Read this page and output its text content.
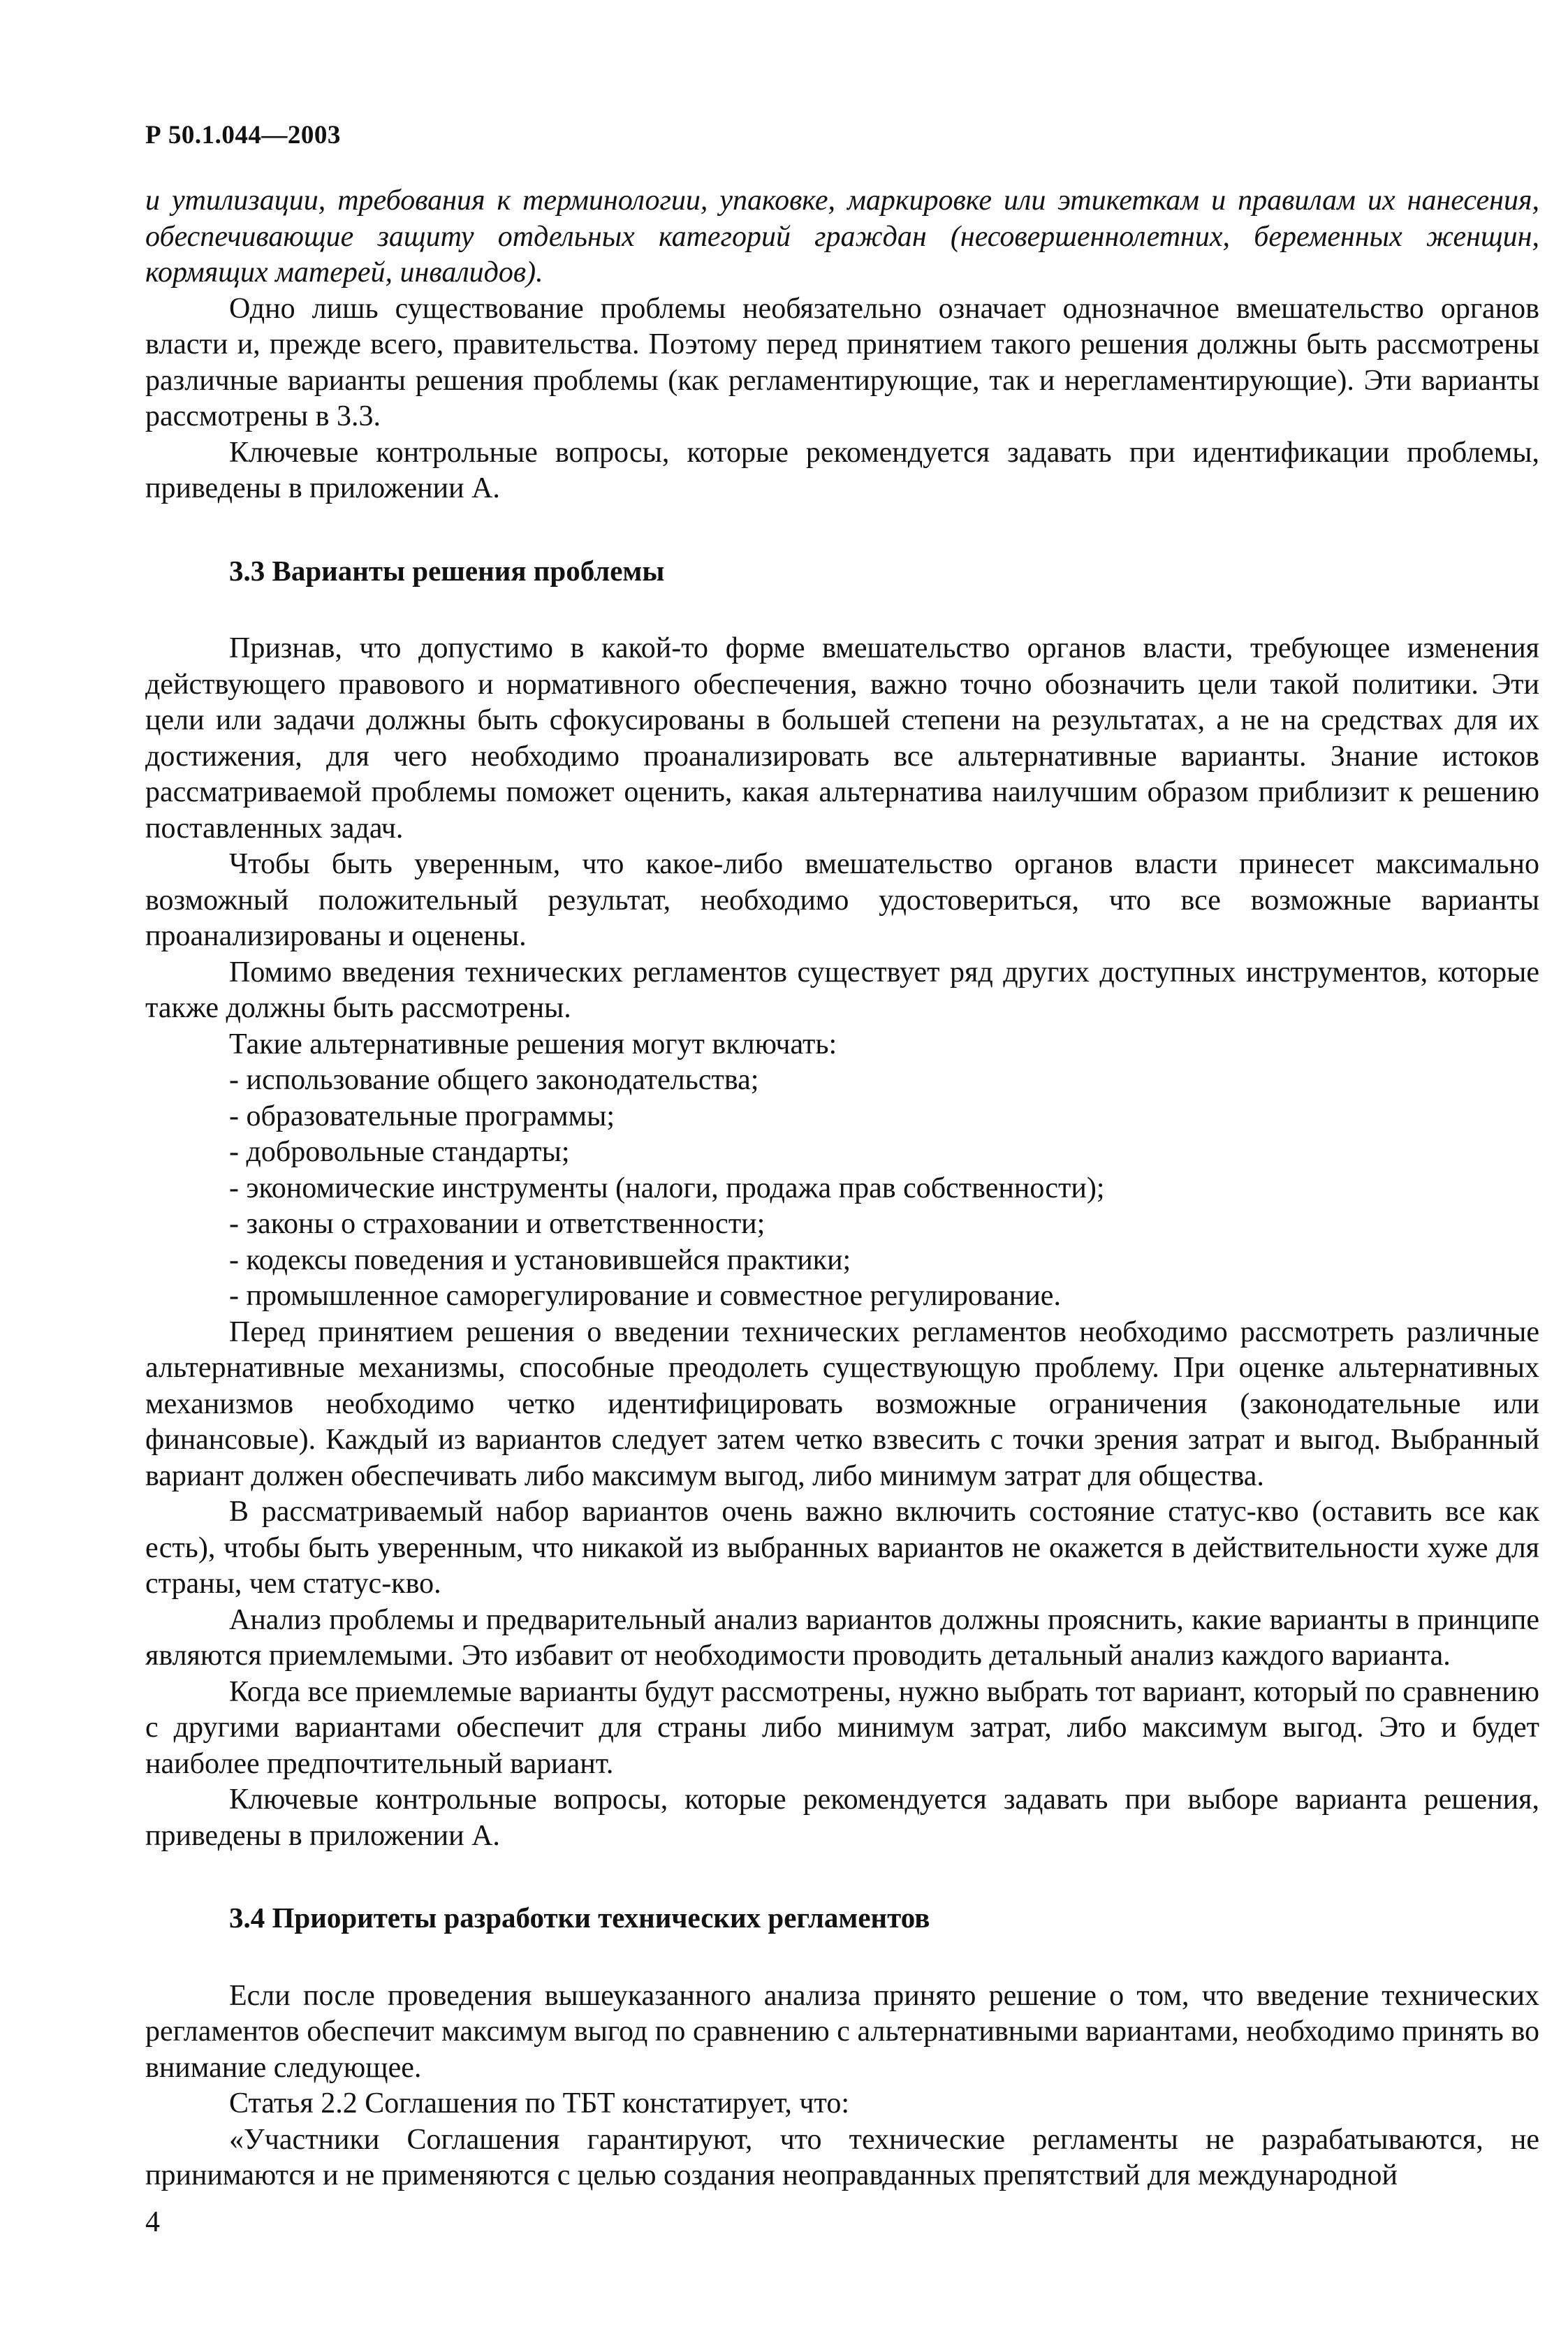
Р 50.1.044—2003

и утилизации, требования к терминологии, упаковке, маркировке или этикеткам и правилам их нанесения, обеспечивающие защиту отдельных категорий граждан (несовершеннолетних, беременных женщин, кормящих матерей, инвалидов).

Одно лишь существование проблемы необязательно означает однозначное вмешательство органов власти и, прежде всего, правительства. Поэтому перед принятием такого решения должны быть рассмотрены различные варианты решения проблемы (как регламентирующие, так и нерегламентирующие). Эти варианты рассмотрены в 3.3.

Ключевые контрольные вопросы, которые рекомендуется задавать при идентификации проблемы, приведены в приложении А.

3.3 Варианты решения проблемы

Признав, что допустимо в какой-то форме вмешательство органов власти, требующее изменения действующего правового и нормативного обеспечения, важно точно обозначить цели такой политики. Эти цели или задачи должны быть сфокусированы в большей степени на результатах, а не на средствах для их достижения, для чего необходимо проанализировать все альтернативные варианты. Знание истоков рассматриваемой проблемы поможет оценить, какая альтернатива наилучшим образом приблизит к решению поставленных задач.

Чтобы быть уверенным, что какое-либо вмешательство органов власти принесет максимально возможный положительный результат, необходимо удостовериться, что все возможные варианты проанализированы и оценены.

Помимо введения технических регламентов существует ряд других доступных инструментов, которые также должны быть рассмотрены.

Такие альтернативные решения могут включать:

- использование общего законодательства;
- образовательные программы;
- добровольные стандарты;
- экономические инструменты (налоги, продажа прав собственности);
- законы о страховании и ответственности;
- кодексы поведения и установившейся практики;
- промышленное саморегулирование и совместное регулирование.

Перед принятием решения о введении технических регламентов необходимо рассмотреть различные альтернативные механизмы, способные преодолеть существующую проблему. При оценке альтернативных механизмов необходимо четко идентифицировать возможные ограничения (законодательные или финансовые). Каждый из вариантов следует затем четко взвесить с точки зрения затрат и выгод. Выбранный вариант должен обеспечивать либо максимум выгод, либо минимум затрат для общества.

В рассматриваемый набор вариантов очень важно включить состояние статус-кво (оставить все как есть), чтобы быть уверенным, что никакой из выбранных вариантов не окажется в действительности хуже для страны, чем статус-кво.

Анализ проблемы и предварительный анализ вариантов должны прояснить, какие варианты в принципе являются приемлемыми. Это избавит от необходимости проводить детальный анализ каждого варианта.

Когда все приемлемые варианты будут рассмотрены, нужно выбрать тот вариант, который по сравнению с другими вариантами обеспечит для страны либо минимум затрат, либо максимум выгод. Это и будет наиболее предпочтительный вариант.

Ключевые контрольные вопросы, которые рекомендуется задавать при выборе варианта решения, приведены в приложении А.

3.4 Приоритеты разработки технических регламентов

Если после проведения вышеуказанного анализа принято решение о том, что введение технических регламентов обеспечит максимум выгод по сравнению с альтернативными вариантами, необходимо принять во внимание следующее.

Статья 2.2 Соглашения по ТБТ констатирует, что:

«Участники Соглашения гарантируют, что технические регламенты не разрабатываются, не принимаются и не применяются с целью создания неоправданных препятствий для международной

4
